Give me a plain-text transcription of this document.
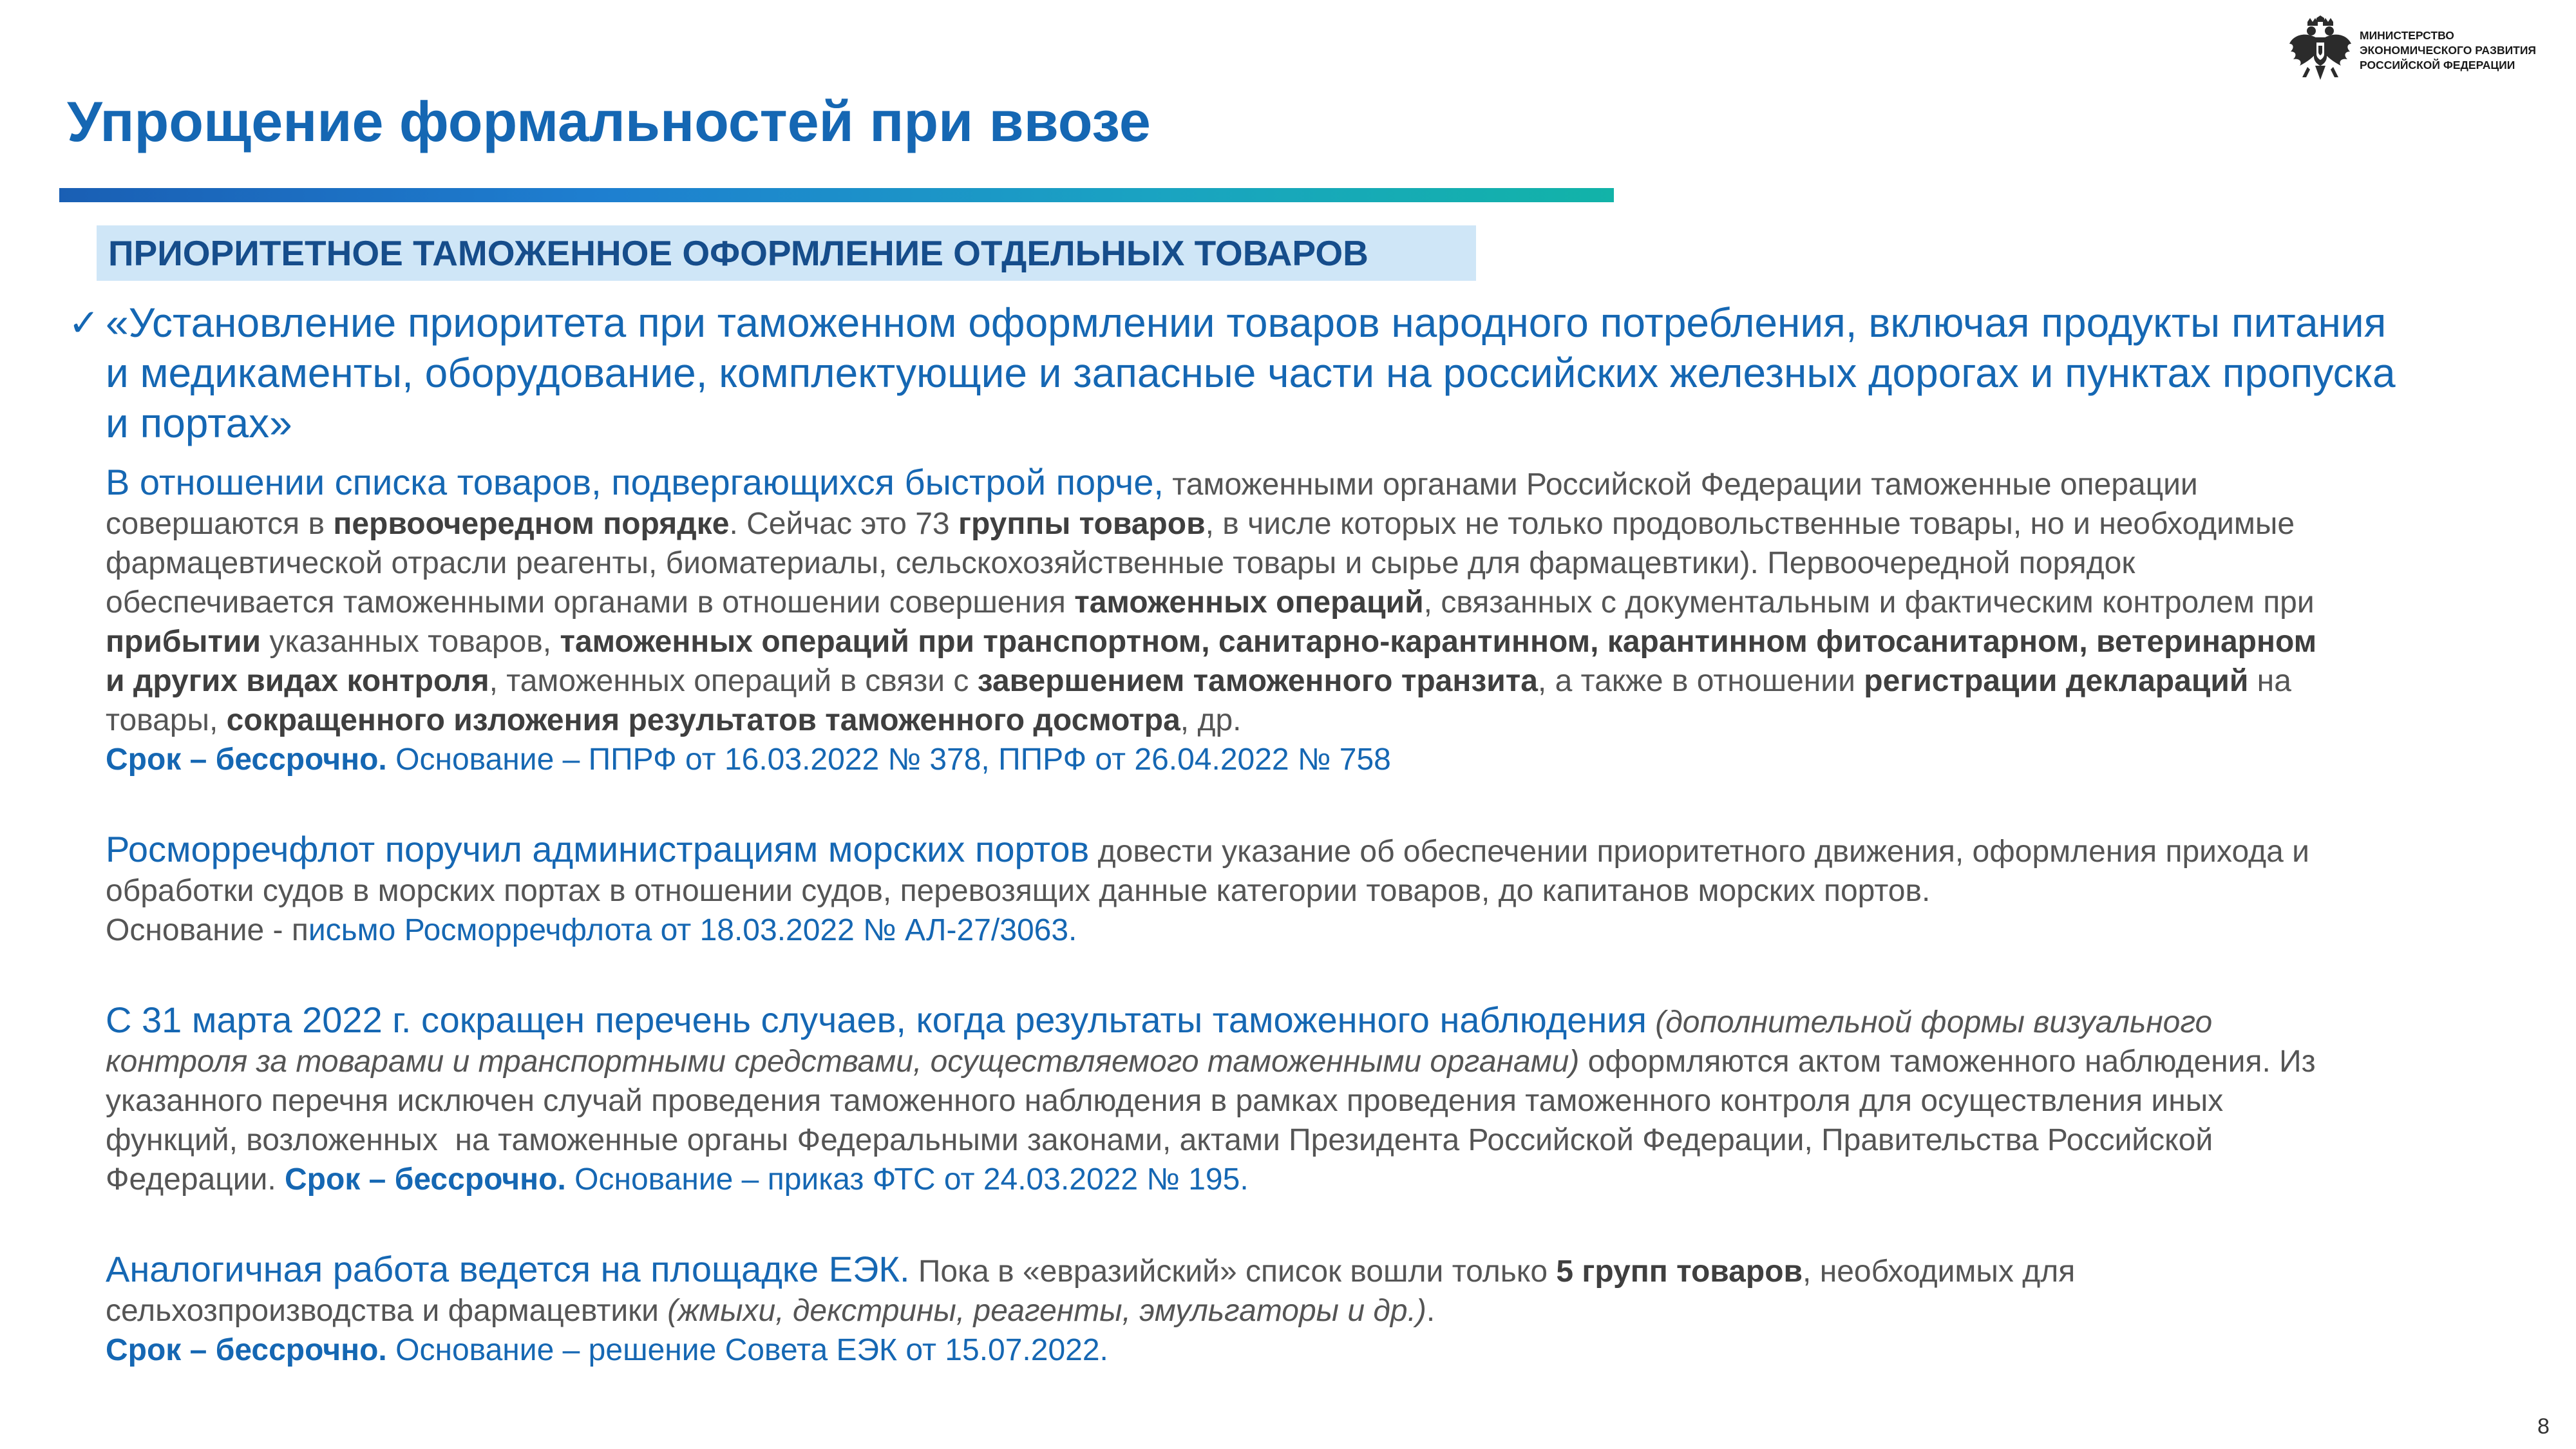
Упрощение формальностей при ввозе
МИНИСТЕРСТВО
ЭКОНОМИЧЕСКОГО РАЗВИТИЯ
РОССИЙСКОЙ ФЕДЕРАЦИИ
ПРИОРИТЕТНОЕ ТАМОЖЕННОЕ ОФОРМЛЕНИЕ ОТДЕЛЬНЫХ ТОВАРОВ
✓ «Установление приоритета при таможенном оформлении товаров народного потребления, включая продукты питания и медикаменты, оборудование, комплектующие и запасные части на российских железных дорогах и пунктах пропуска и портах»

В отношении списка товаров, подвергающихся быстрой порче, таможенными органами Российской Федерации таможенные операции

совершаются в первоочередном порядке. Сейчас это 73 группы товаров, в числе которых не только продовольственные товары, но и необходимые

фармацевтической отрасли реагенты, биоматериалы, сельскохозяйственные товары и сырье для фармацевтики). Первоочередной порядок

обеспечивается таможенными органами в отношении совершения таможенных операций, связанных с документальным и фактическим контролем при

прибытии указанных товаров, таможенных операций при транспортном, санитарно-карантинном, карантинном фитосанитарном, ветеринарном

и других видах контроля, таможенных операций в связи с завершением таможенного транзита, а также в отношении регистрации деклараций на

товары, сокращенного изложения результатов таможенного досмотра, др.

Срок – бессрочно. Основание – ППРФ от 16.03.2022 № 378, ППРФ от 26.04.2022 № 758

Росморречфлот поручил администрациям морских портов довести указание об обеспечении приоритетного движения, оформления прихода и

обработки судов в морских портах в отношении судов, перевозящих данные категории товаров, до капитанов морских портов.

Основание - письмо Росморречфлота от 18.03.2022 № АЛ-27/3063.

С 31 марта 2022 г. сокращен перечень случаев, когда результаты таможенного наблюдения (дополнительной формы визуального

контроля за товарами и транспортными средствами, осуществляемого таможенными органами) оформляются актом таможенного наблюдения. Из

указанного перечня исключен случай проведения таможенного наблюдения в рамках проведения таможенного контроля для осуществления иных

функций, возложенных  на таможенные органы Федеральными законами, актами Президента Российской Федерации, Правительства Российской

Федерации. Срок – бессрочно. Основание – приказ ФТС от 24.03.2022 № 195.

Аналогичная работа ведется на площадке ЕЭК. Пока в «евразийский» список вошли только 5 групп товаров, необходимых для

сельхозпроизводства и фармацевтики (жмыхи, декстрины, реагенты, эмульгаторы и др.).

Срок – бессрочно. Основание – решение Совета ЕЭК от 15.07.2022.

8
